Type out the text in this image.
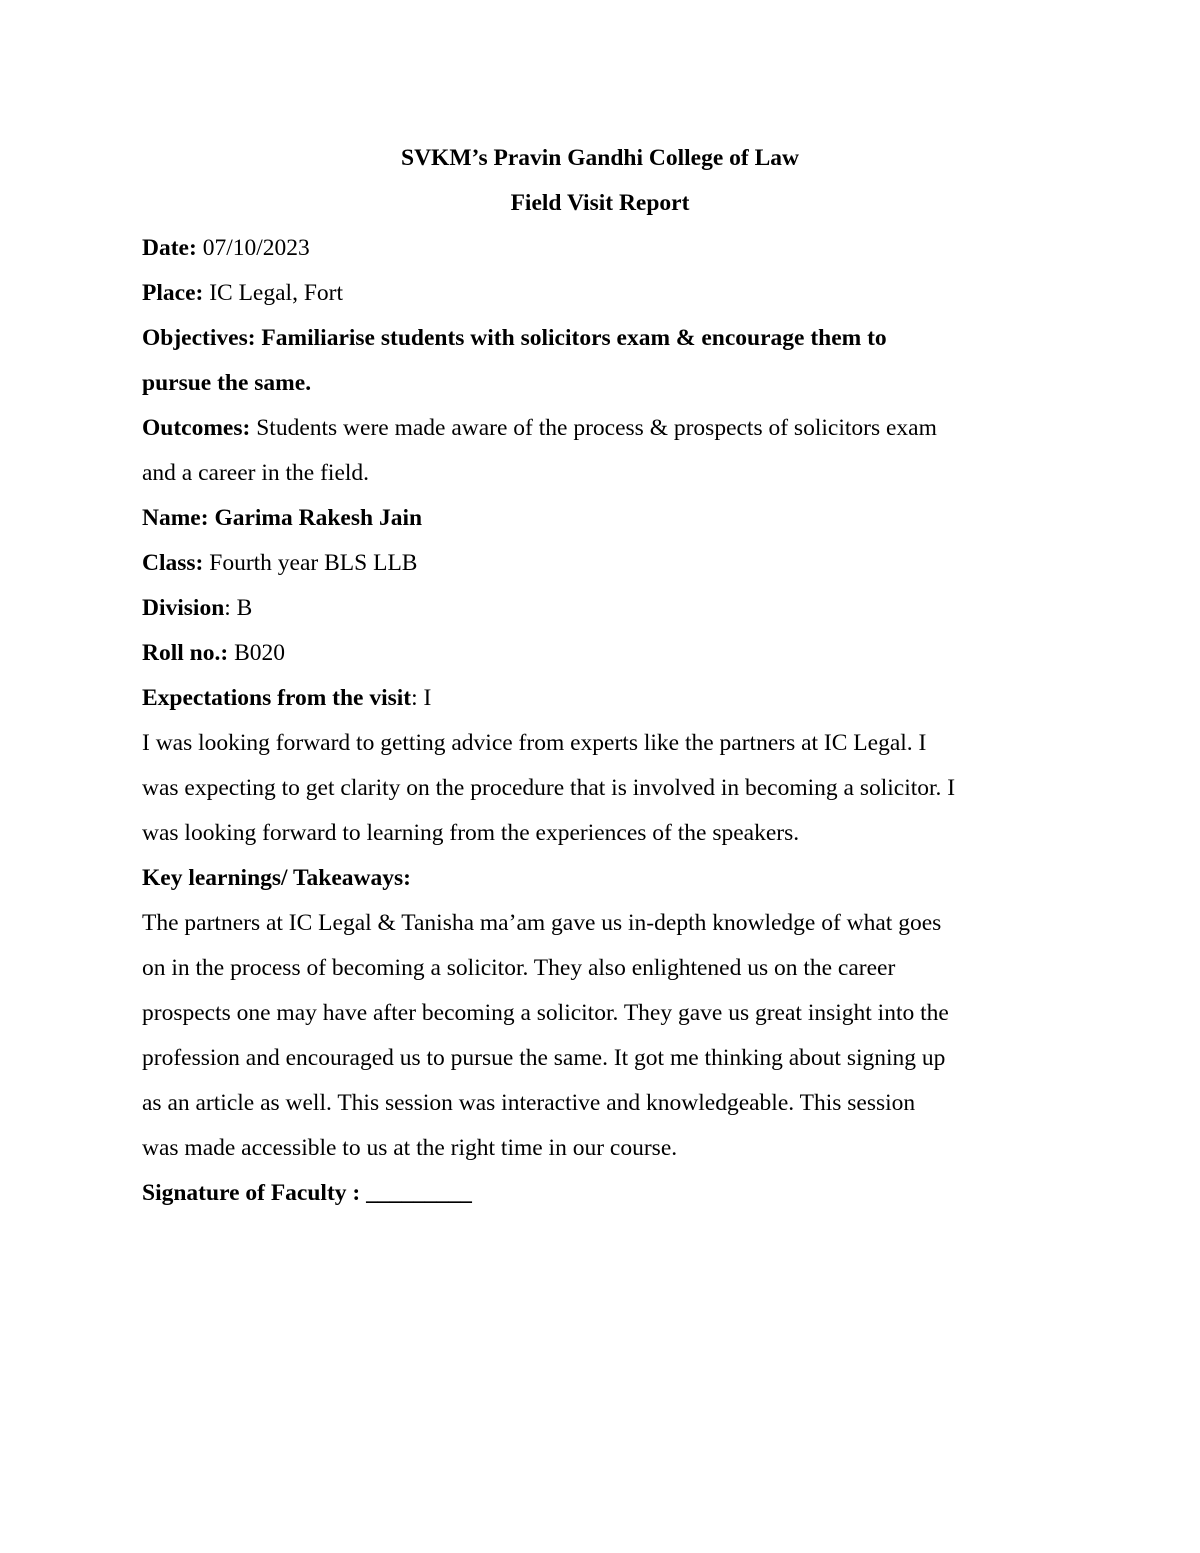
SVKM’s Pravin Gandhi College of Law
Field Visit Report
Date: 07/10/2023
Place: IC Legal, Fort
Objectives: Familiarise students with solicitors exam & encourage them to
pursue the same.
Outcomes: Students were made aware of the process & prospects of solicitors exam
and a career in the field.
Name: Garima Rakesh Jain
Class: Fourth year BLS LLB
Division: B
Roll no.: B020
Expectations from the visit: I
I was looking forward to getting advice from experts like the partners at IC Legal. I
was expecting to get clarity on the procedure that is involved in becoming a solicitor. I
was looking forward to learning from the experiences of the speakers.
Key learnings/ Takeaways:
The partners at IC Legal & Tanisha ma’am gave us in-depth knowledge of what goes
on in the process of becoming a solicitor. They also enlightened us on the career
prospects one may have after becoming a solicitor. They gave us great insight into the
profession and encouraged us to pursue the same. It got me thinking about signing up
as an article as well. This session was interactive and knowledgeable. This session
was made accessible to us at the right time in our course.
Signature of Faculty : _________
